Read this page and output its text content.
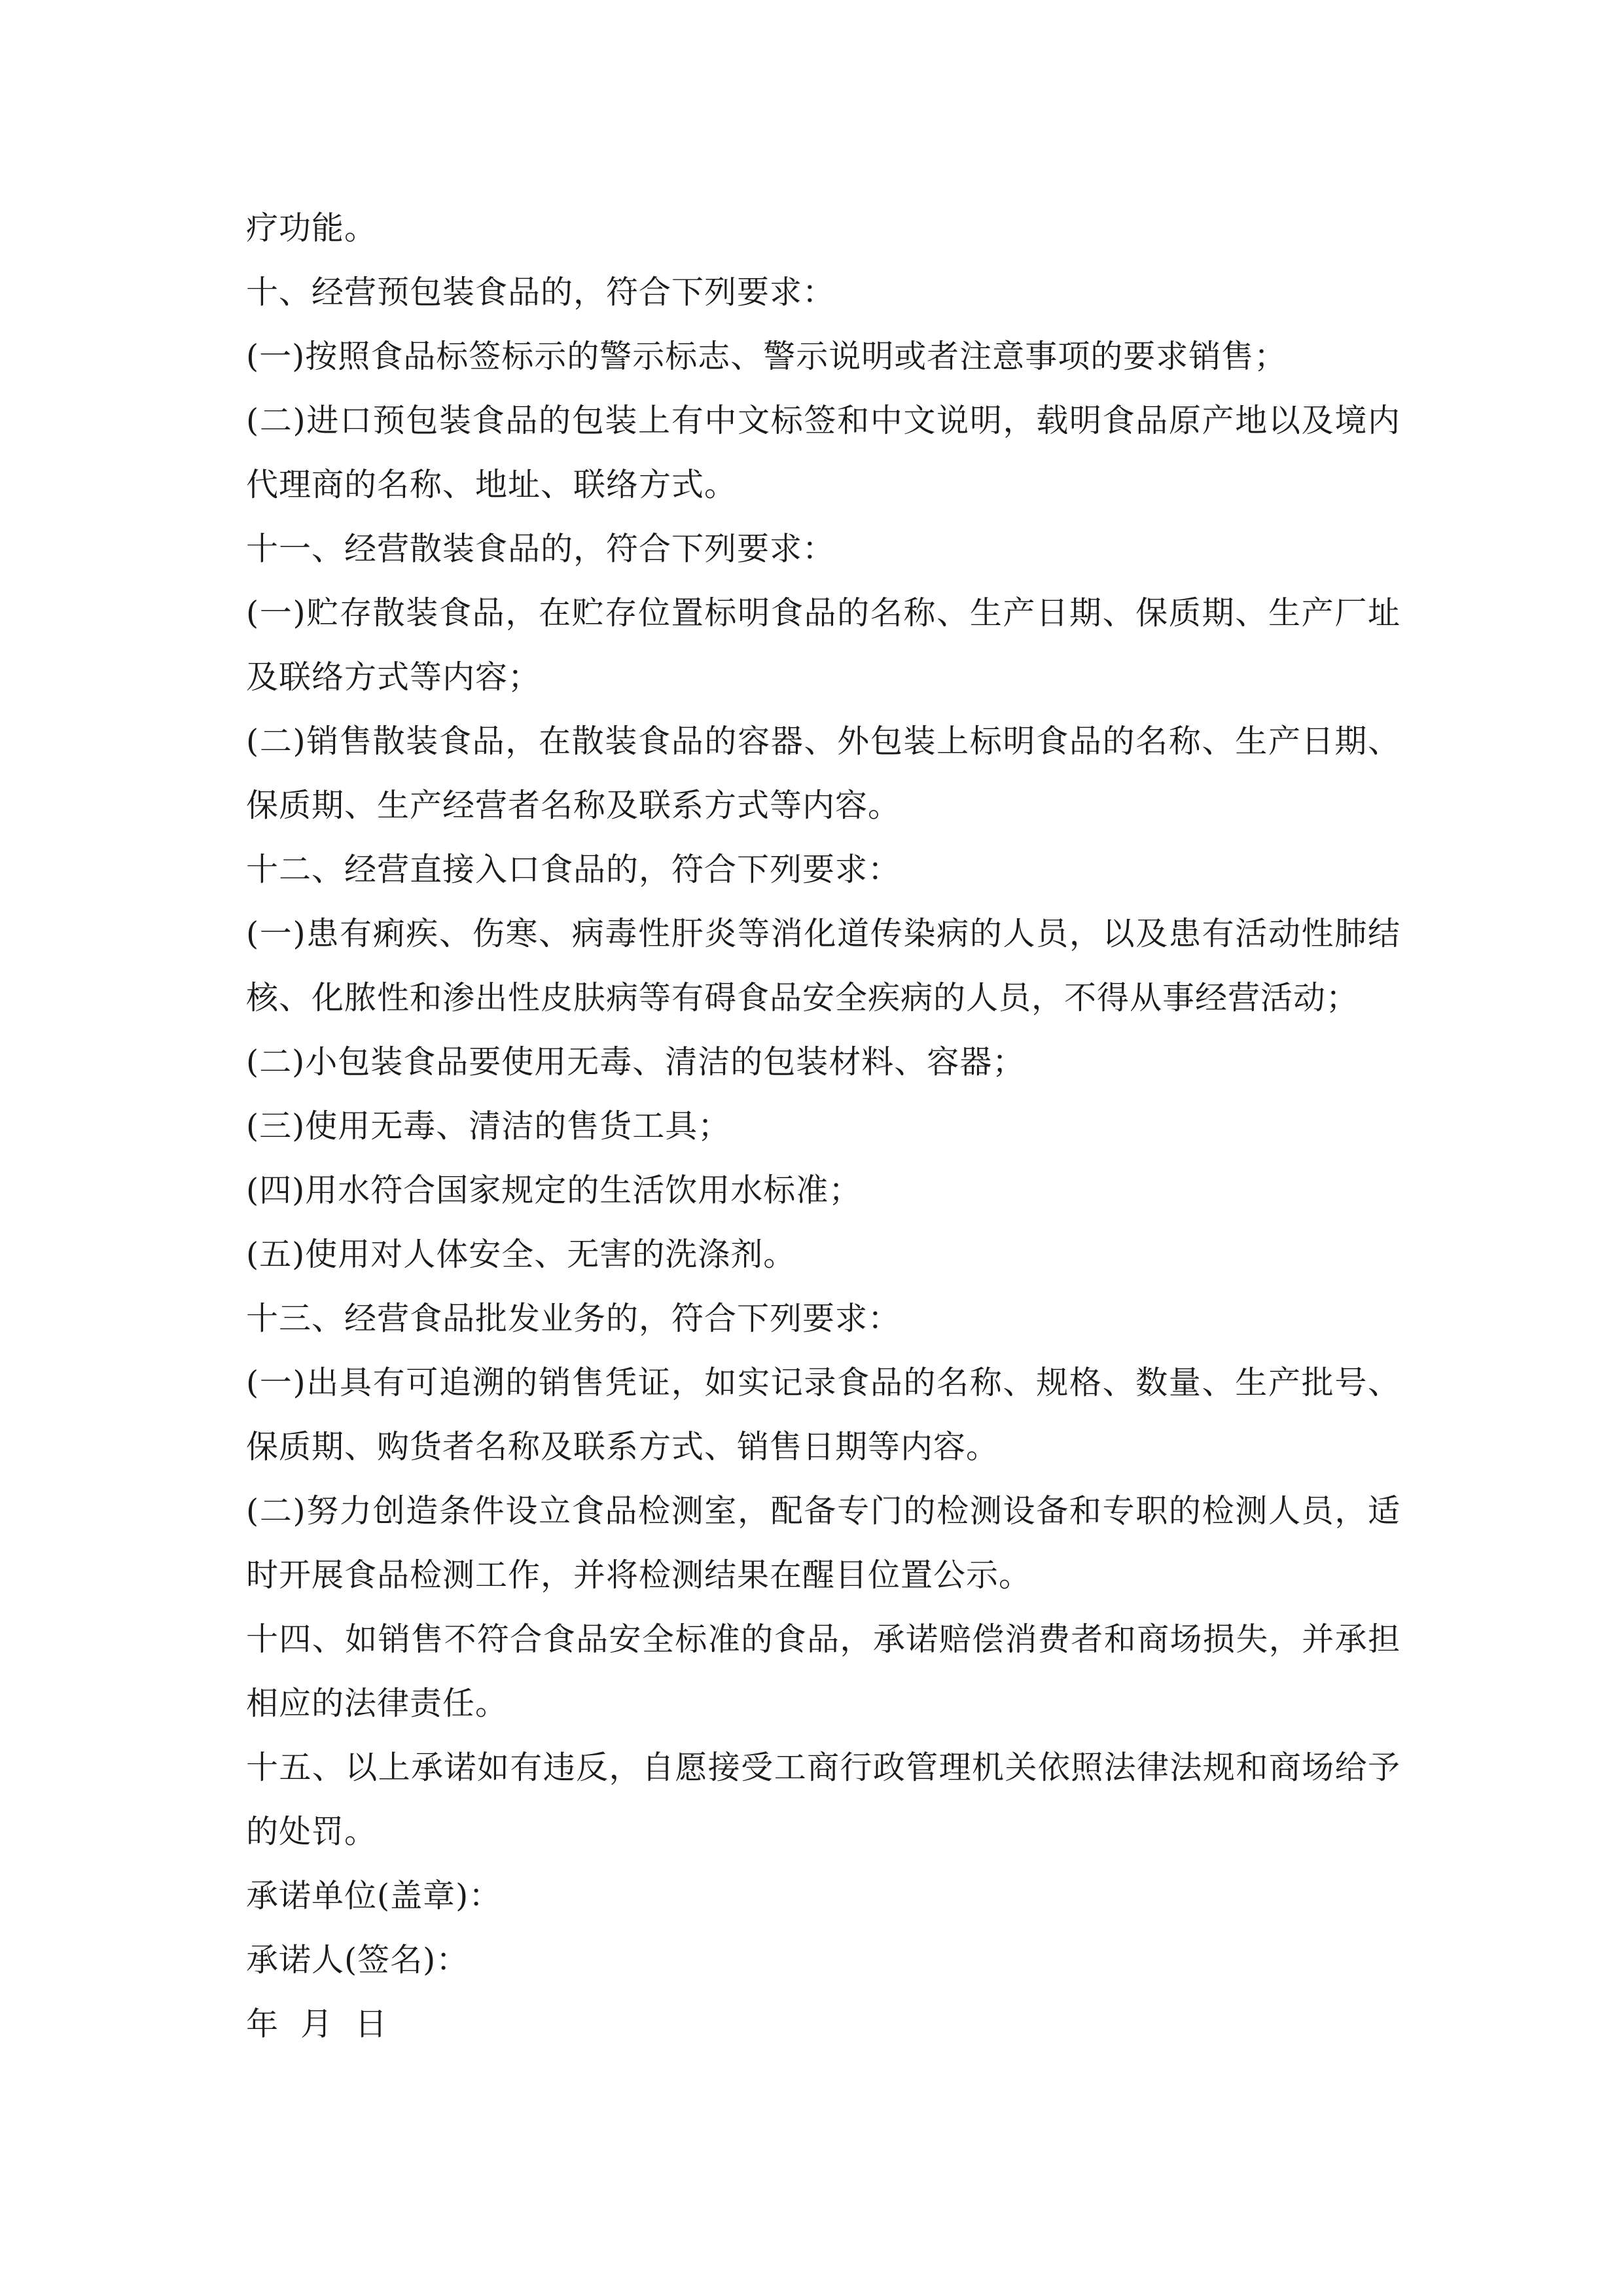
疗功能。

十、经营预包装食品的，符合下列要求：

(一)按照食品标签标示的警示标志、警示说明或者注意事项的要求销售；

(二)进口预包装食品的包装上有中文标签和中文说明，载明食品原产地以及境内代理商的名称、地址、联络方式。

十一、经营散装食品的，符合下列要求：

(一)贮存散装食品，在贮存位置标明食品的名称、生产日期、保质期、生产厂址及联络方式等内容；

(二)销售散装食品，在散装食品的容器、外包装上标明食品的名称、生产日期、保质期、生产经营者名称及联系方式等内容。

十二、经营直接入口食品的，符合下列要求：

(一)患有痢疾、伤寒、病毒性肝炎等消化道传染病的人员，以及患有活动性肺结核、化脓性和渗出性皮肤病等有碍食品安全疾病的人员，不得从事经营活动；

(二)小包装食品要使用无毒、清洁的包装材料、容器；

(三)使用无毒、清洁的售货工具；

(四)用水符合国家规定的生活饮用水标准；

(五)使用对人体安全、无害的洗涤剂。

十三、经营食品批发业务的，符合下列要求：

(一)出具有可追溯的销售凭证，如实记录食品的名称、规格、数量、生产批号、保质期、购货者名称及联系方式、销售日期等内容。

(二)努力创造条件设立食品检测室，配备专门的检测设备和专职的检测人员，适时开展食品检测工作，并将检测结果在醒目位置公示。

十四、如销售不符合食品安全标准的食品，承诺赔偿消费者和商场损失，并承担相应的法律责任。

十五、以上承诺如有违反，自愿接受工商行政管理机关依照法律法规和商场给予的处罚。

承诺单位(盖章)：

承诺人(签名)：

年  月  日
